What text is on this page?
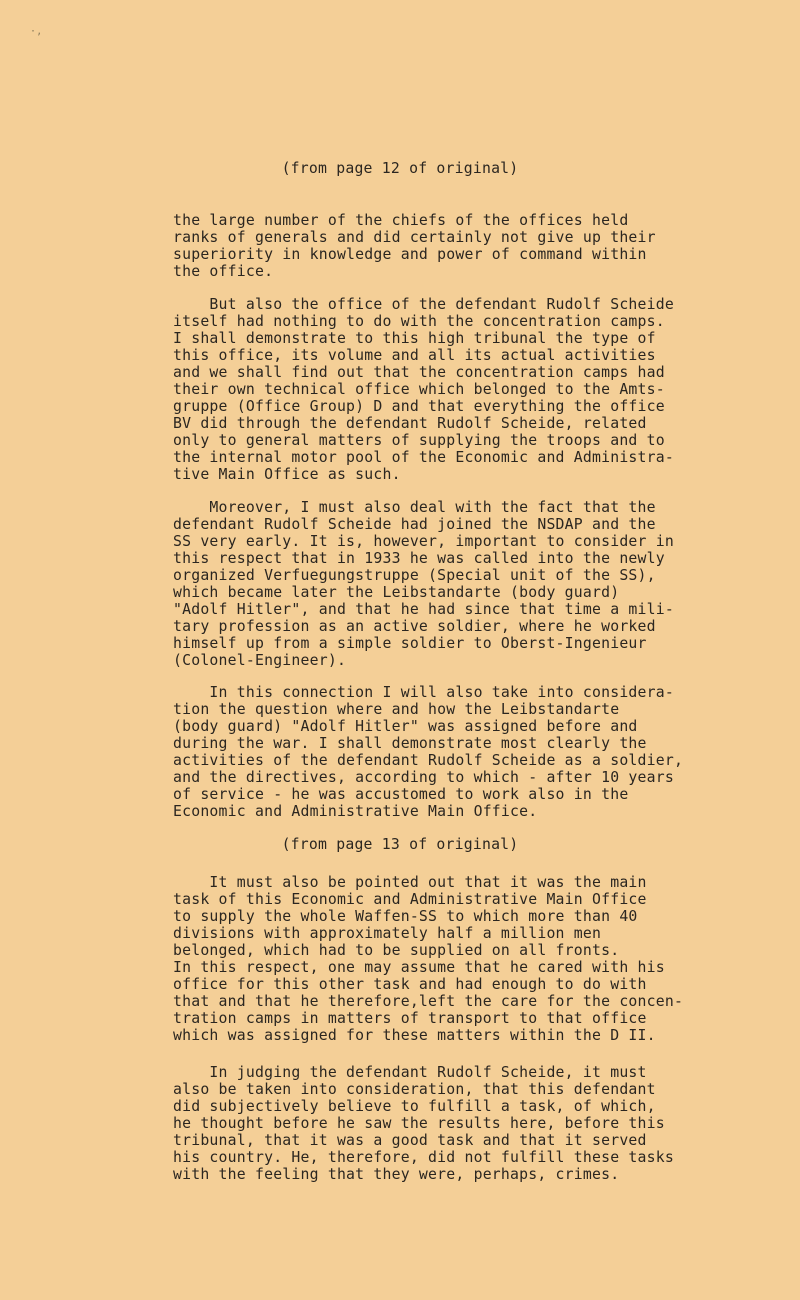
·,
(from page 12 of original)
(from page 13 of original)
the large number of the chiefs of the offices held
ranks of generals and did certainly not give up their
superiority in knowledge and power of command within
the office.
But also the office of the defendant Rudolf Scheide
itself had nothing to do with the concentration camps.
I shall demonstrate to this high tribunal the type of
this office, its volume and all its actual activities
and we shall find out that the concentration camps had
their own technical office which belonged to the Amts-
gruppe (Office Group) D and that everything the office
BV did through the defendant Rudolf Scheide, related
only to general matters of supplying the troops and to
the internal motor pool of the Economic and Administra-
tive Main Office as such.
Moreover, I must also deal with the fact that the
defendant Rudolf Scheide had joined the NSDAP and the
SS very early. It is, however, important to consider in
this respect that in 1933 he was called into the newly
organized Verfuegungstruppe (Special unit of the SS),
which became later the Leibstandarte (body guard)
"Adolf Hitler", and that he had since that time a mili-
tary profession as an active soldier, where he worked
himself up from a simple soldier to Oberst-Ingenieur
(Colonel-Engineer).
In this connection I will also take into considera-
tion the question where and how the Leibstandarte
(body guard) "Adolf Hitler" was assigned before and
during the war. I shall demonstrate most clearly the
activities of the defendant Rudolf Scheide as a soldier,
and the directives, according to which - after 10 years
of service - he was accustomed to work also in the
Economic and Administrative Main Office.
It must also be pointed out that it was the main
task of this Economic and Administrative Main Office
to supply the whole Waffen-SS to which more than 40
divisions with approximately half a million men
belonged, which had to be supplied on all fronts.
In this respect, one may assume that he cared with his
office for this other task and had enough to do with
that and that he therefore,left the care for the concen-
tration camps in matters of transport to that office
which was assigned for these matters within the D II.
In judging the defendant Rudolf Scheide, it must
also be taken into consideration, that this defendant
did subjectively believe to fulfill a task, of which,
he thought before he saw the results here, before this
tribunal, that it was a good task and that it served
his country. He, therefore, did not fulfill these tasks
with the feeling that they were, perhaps, crimes.
